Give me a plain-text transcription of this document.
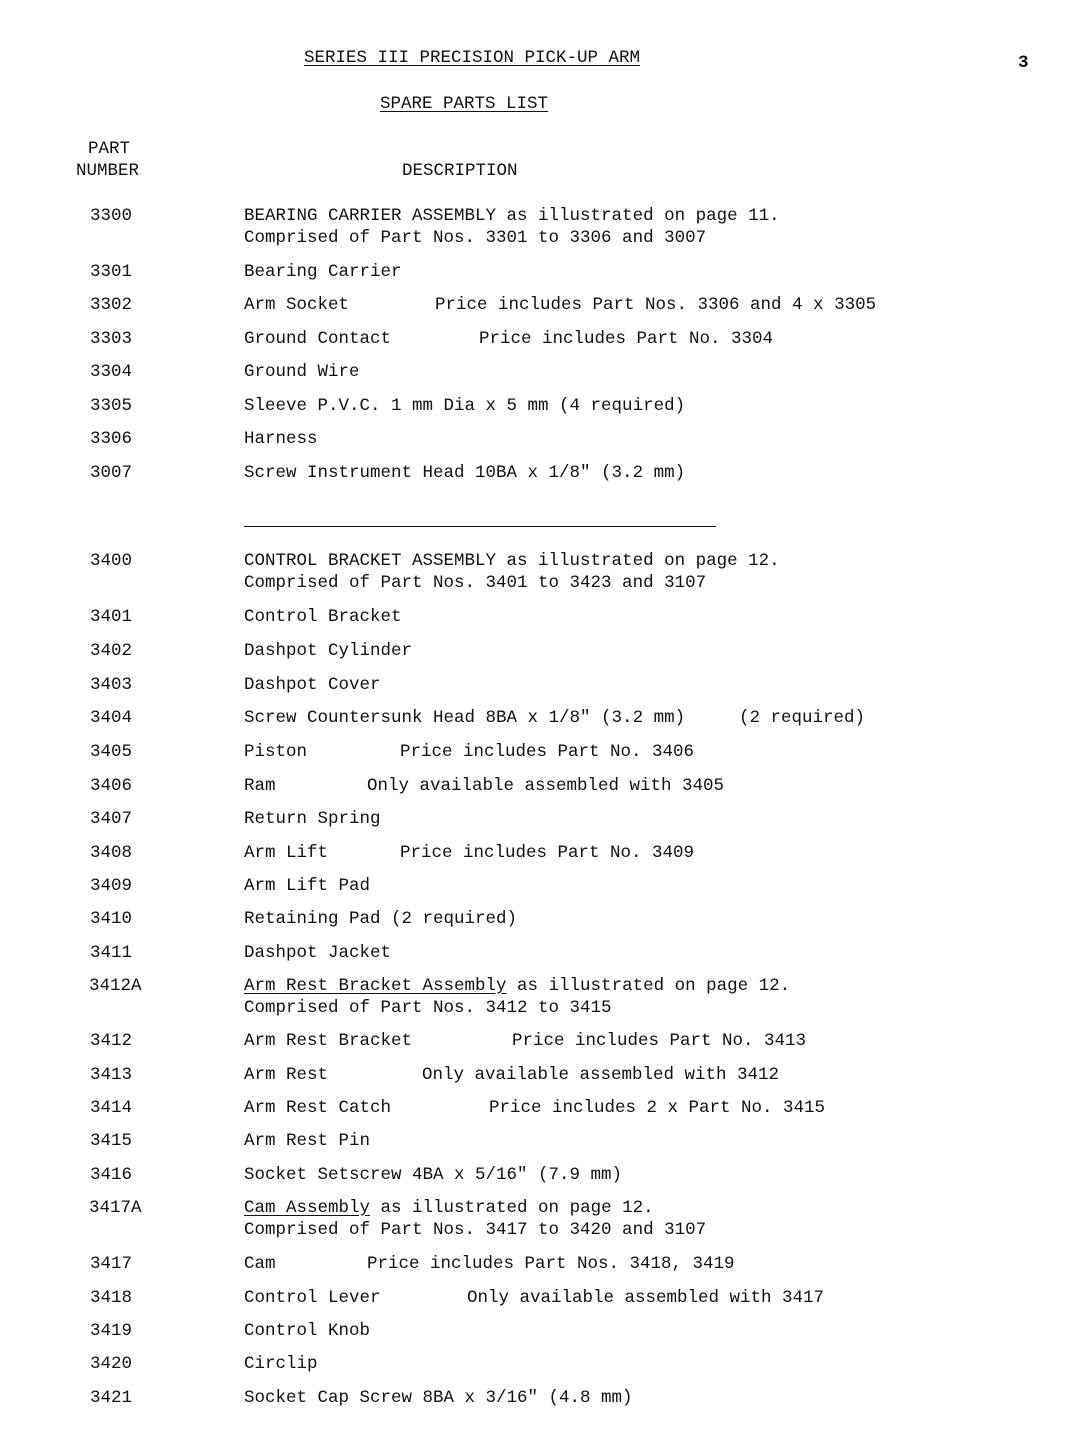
SERIES III PRECISION PICK-UP ARM	3
SPARE PARTS LIST
PART
NUMBER	DESCRIPTION
3300	BEARING CARRIER ASSEMBLY as illustrated on page 11.
Comprised of Part Nos. 3301 to 3306 and 3007
3301	Bearing Carrier
3302	Arm Socket	Price includes Part Nos. 3306 and 4 x 3305
3303	Ground Contact	Price includes Part No. 3304
3304	Ground Wire
3305	Sleeve P.V.C. 1 mm Dia x 5 mm (4 required)
3306	Harness
3007	Screw Instrument Head 10BA x 1/8" (3.2 mm)
3400	CONTROL BRACKET ASSEMBLY as illustrated on page 12.
Comprised of Part Nos. 3401 to 3423 and 3107
3401	Control Bracket
3402	Dashpot Cylinder
3403	Dashpot Cover
3404	Screw Countersunk Head 8BA x 1/8" (3.2 mm)	(2 required)
3405	Piston	Price includes Part No. 3406
3406	Ram	Only available assembled with 3405
3407	Return Spring
3408	Arm Lift	Price includes Part No. 3409
3409	Arm Lift Pad
3410	Retaining Pad (2 required)
3411	Dashpot Jacket
3412A	Arm Rest Bracket Assembly as illustrated on page 12.
Comprised of Part Nos. 3412 to 3415
3412	Arm Rest Bracket	Price includes Part No. 3413
3413	Arm Rest	Only available assembled with 3412
3414	Arm Rest Catch	Price includes 2 x Part No. 3415
3415	Arm Rest Pin
3416	Socket Setscrew 4BA x 5/16" (7.9 mm)
3417A	Cam Assembly as illustrated on page 12.
Comprised of Part Nos. 3417 to 3420 and 3107
3417	Cam	Price includes Part Nos. 3418, 3419
3418	Control Lever	Only available assembled with 3417
3419	Control Knob
3420	Circlip
3421	Socket Cap Screw 8BA x 3/16" (4.8 mm)
